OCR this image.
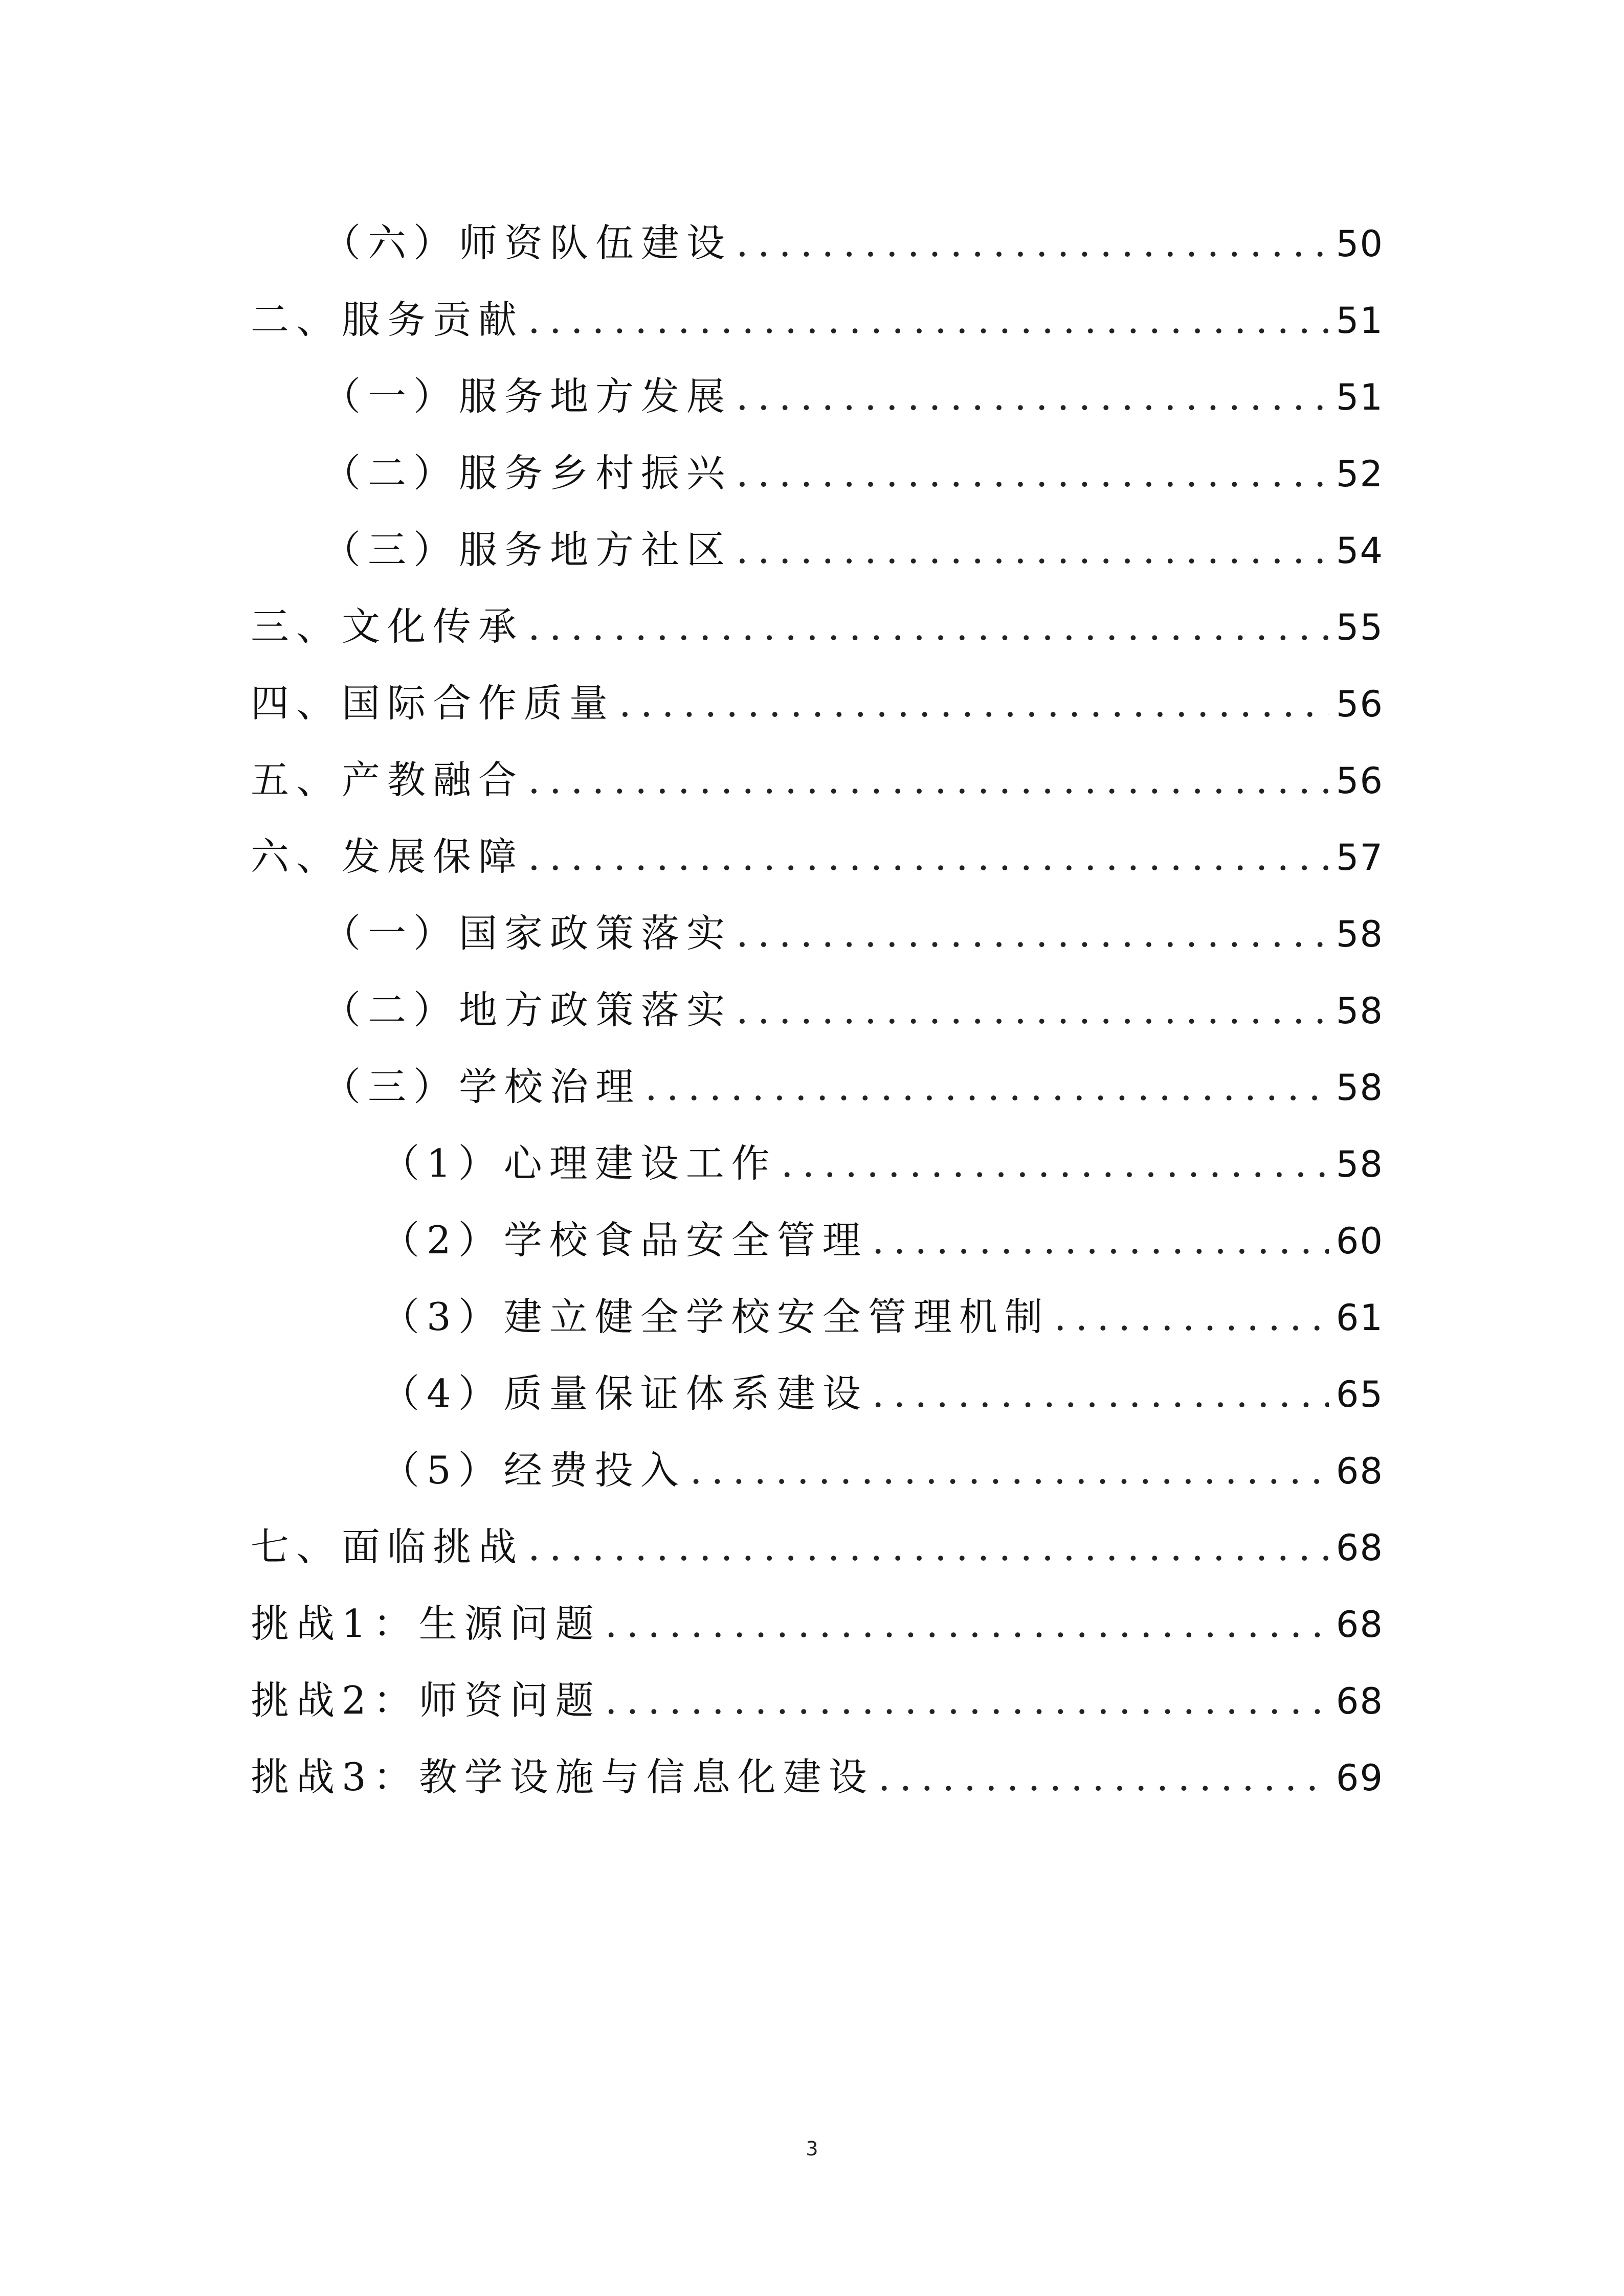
（六）师资队伍建设 .....	50
二、服务贡献 .....	51
（一）服务地方发展 .....	51
（二）服务乡村振兴 .....	52
（三）服务地方社区 .....	54
三、文化传承 .....	55
四、国际合作质量 .....	56
五、产教融合 .....	56
六、发展保障 .....	57
（一）国家政策落实 .....	58
（二）地方政策落实 .....	58
（三）学校治理 .....	58
（1）心理建设工作 .....	58
（2）学校食品安全管理 .....	60
（3）建立健全学校安全管理机制 .....	61
（4）质量保证体系建设 .....	65
（5）经费投入 .....	68
七、面临挑战 .....	68
挑战1：生源问题 .....	68
挑战2：师资问题 .....	68
挑战3：教学设施与信息化建设 .....	69
3
